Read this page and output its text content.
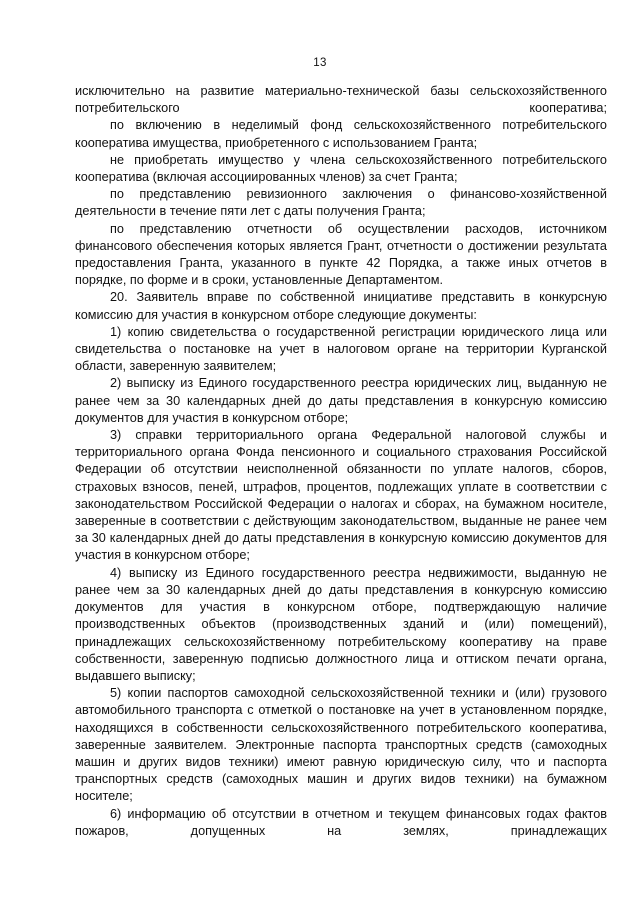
13

исключительно на развитие материально-технической базы сельскохозяйственного потребительского кооператива;

по включению в неделимый фонд сельскохозяйственного потребительского кооператива имущества, приобретенного с использованием Гранта;

не приобретать имущество у члена сельскохозяйственного потребительского кооператива (включая ассоциированных членов) за счет Гранта;

по представлению ревизионного заключения о финансово-хозяйственной деятельности в течение пяти лет с даты получения Гранта;

по представлению отчетности об осуществлении расходов, источником финансового обеспечения которых является Грант, отчетности о достижении результата предоставления Гранта, указанного в пункте 42 Порядка, а также иных отчетов в порядке, по форме и в сроки, установленные Департаментом.

20. Заявитель вправе по собственной инициативе представить в конкурсную комиссию для участия в конкурсном отборе следующие документы:

1) копию свидетельства о государственной регистрации юридического лица или свидетельства о постановке на учет в налоговом органе на территории Курганской области, заверенную заявителем;

2) выписку из Единого государственного реестра юридических лиц, выданную не ранее чем за 30 календарных дней до даты представления в конкурсную комиссию документов для участия в конкурсном отборе;

3) справки территориального органа Федеральной налоговой службы и территориального органа Фонда пенсионного и социального страхования Российской Федерации об отсутствии неисполненной обязанности по уплате налогов, сборов, страховых взносов, пеней, штрафов, процентов, подлежащих уплате в соответствии с законодательством Российской Федерации о налогах и сборах, на бумажном носителе, заверенные в соответствии с действующим законодательством, выданные не ранее чем за 30 календарных дней до даты представления в конкурсную комиссию документов для участия в конкурсном отборе;

4) выписку из Единого государственного реестра недвижимости, выданную не ранее чем за 30 календарных дней до даты представления в конкурсную комиссию документов для участия в конкурсном отборе, подтверждающую наличие производственных объектов (производственных зданий и (или) помещений), принадлежащих сельскохозяйственному потребительскому кооперативу на праве собственности, заверенную подписью должностного лица и оттиском печати органа, выдавшего выписку;

5) копии паспортов самоходной сельскохозяйственной техники и (или) грузового автомобильного транспорта с отметкой о постановке на учет в установленном порядке, находящихся в собственности сельскохозяйственного потребительского кооператива, заверенные заявителем. Электронные паспорта транспортных средств (самоходных машин и других видов техники) имеют равную юридическую силу, что и паспорта транспортных средств (самоходных машин и других видов техники) на бумажном носителе;

6) информацию об отсутствии в отчетном и текущем финансовых годах фактов пожаров, допущенных на землях, принадлежащих
